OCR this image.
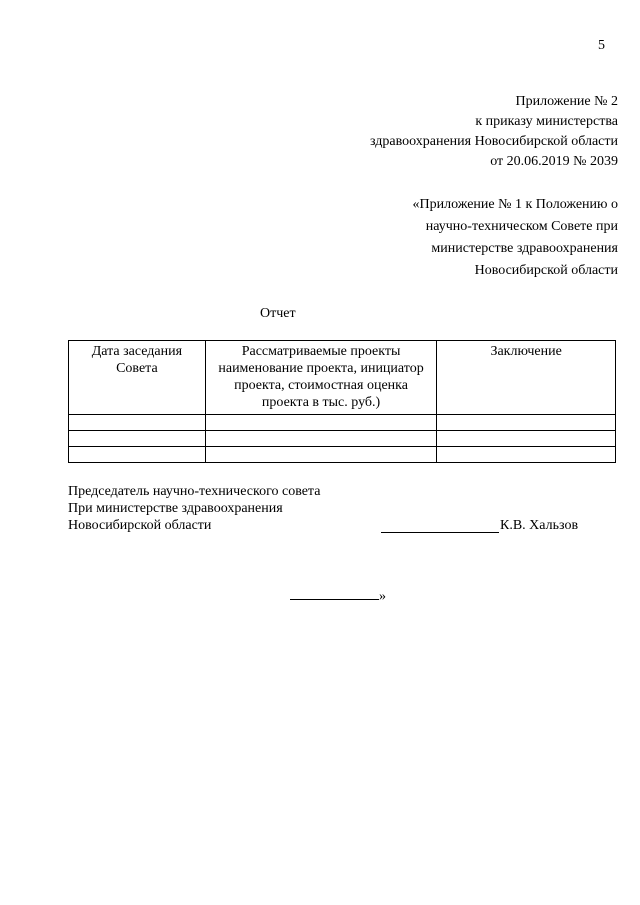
5
Приложение № 2
к приказу министерства
здравоохранения Новосибирской области
от 20.06.2019 № 2039
«Приложение № 1 к Положению о
научно-техническом Совете при
министерстве здравоохранения
Новосибирской области
Отчет
Дата заседания Совета	Рассматриваемые проекты наименование проекта, инициатор проекта, стоимостная оценка проекта в тыс. руб.)	Заключение

Председатель научно-технического совета
При министерстве здравоохранения
Новосибирской области	К.В. Хальзов
»
